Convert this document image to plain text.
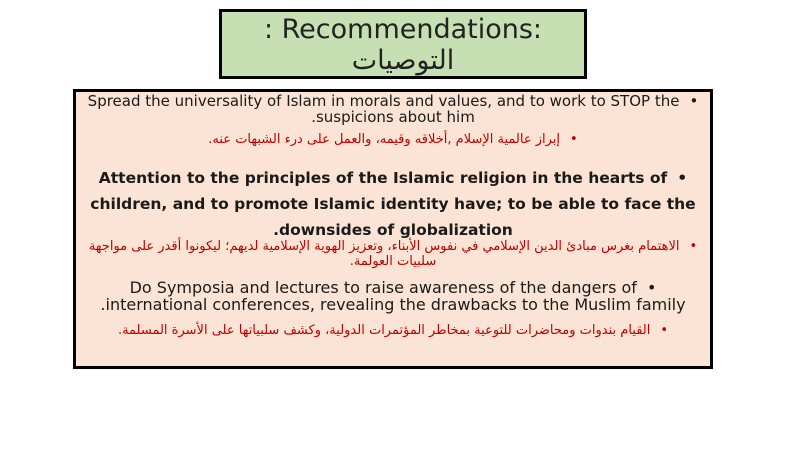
: Recommendations:
التوصيات
•Spread the universality of Islam in morals and values, and to work to STOP the suspicions about him.
•إبراز عالمية الإسلام ,أخلاقه وقيمه، والعمل على درء الشبهات عنه.
•Attention to the principles of the Islamic religion in the hearts of children, and to promote Islamic identity have; to be able to face the downsides of globalization.
•الاهتمام بغرس مبادئ الدين الإسلامي في نفوس الأبناء، وتعزيز الهوية الإسلامية لديهم؛ ليكونوا أقدر على مواجهة سلبيات العولمة.
•Do Symposia and lectures to raise awareness of the dangers of international conferences, revealing the drawbacks to the Muslim family.
•القيام بندوات ومحاضرات للتوعية بمخاطر المؤتمرات الدولية، وكشف سلبياتها على الأسرة المسلمة.
